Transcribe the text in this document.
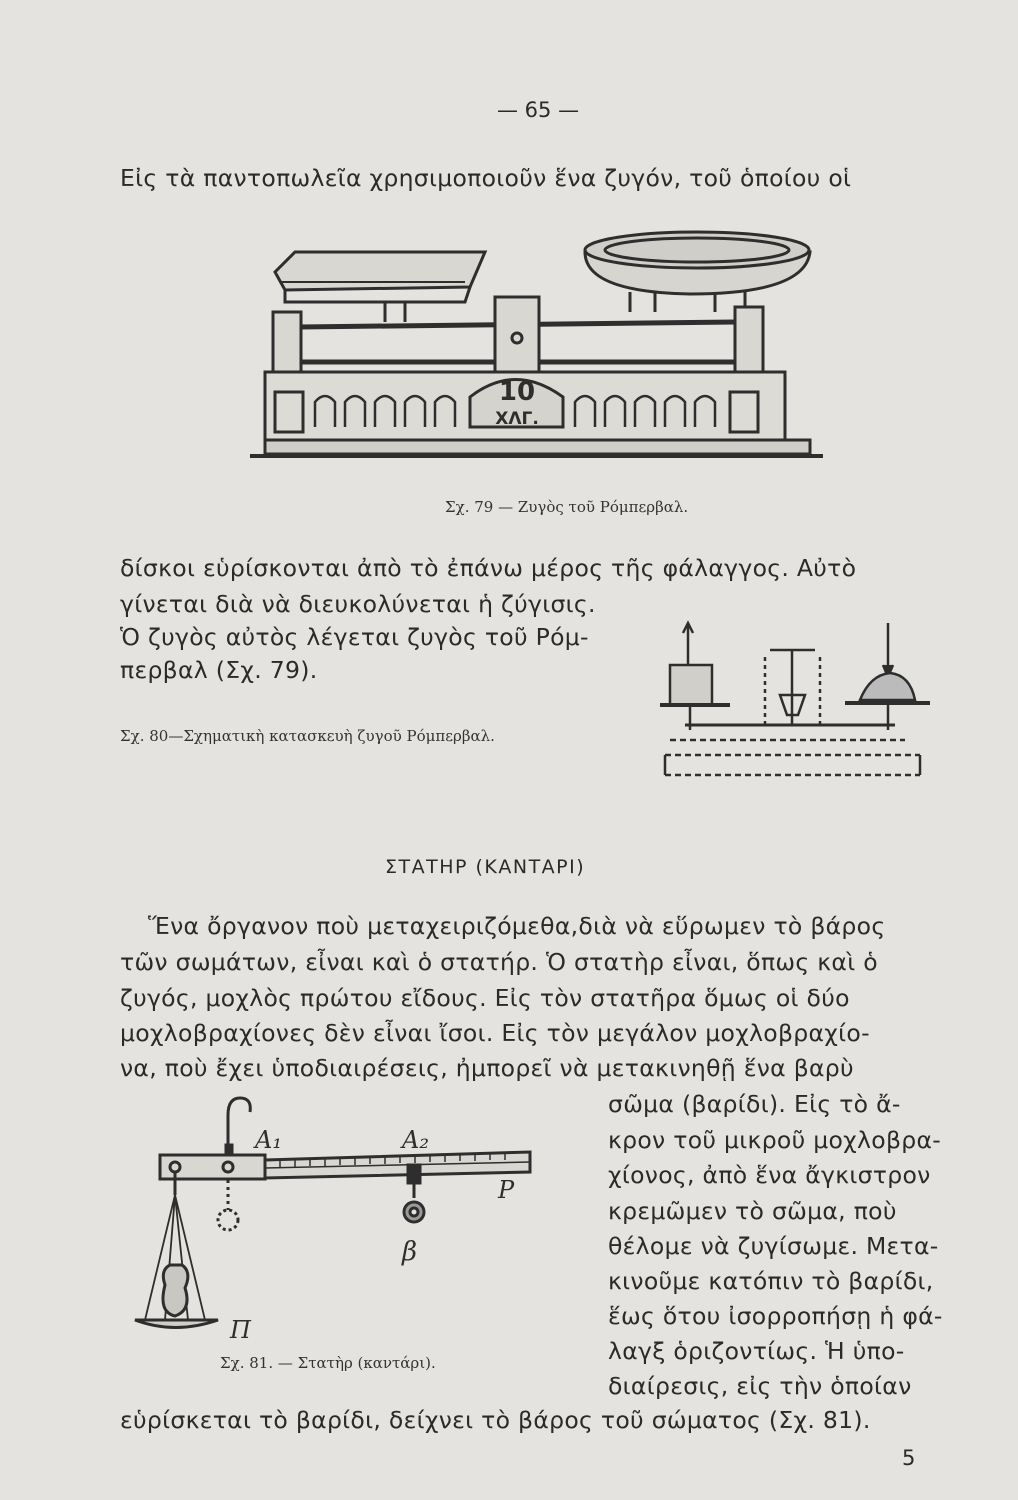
— 65 —
Εἰς τὰ παντοπωλεῖα χρησιμοποιοῦν ἕνα ζυγόν, τοῦ ὁποίου οἱ
10
ΧΛΓ.
Σχ. 79 — Ζυγὸς τοῦ Ρόμπερβαλ.
δίσκοι εὑρίσκονται ἀπὸ τὸ ἐπάνω μέρος τῆς φάλαγγος. Αὐτὸ
γίνεται διὰ νὰ διευκολύνεται ἡ ζύγισις.
Ὁ ζυγὸς αὐτὸς λέγεται ζυγὸς τοῦ Ρόμ-
περβαλ (Σχ. 79).
Σχ. 80—Σχηματικὴ κατασκευὴ ζυγοῦ Ρόμπερβαλ.
ΣΤΑΤΗΡ (ΚΑΝΤΑΡΙ)
Ἕνα ὄργανον ποὺ μεταχειριζόμεθα,διὰ νὰ εὕρωμεν τὸ βάρος
τῶν σωμάτων, εἶναι καὶ ὁ στατήρ. Ὁ στατὴρ εἶναι, ὅπως καὶ ὁ
ζυγός, μοχλὸς πρώτου εἴδους. Εἰς τὸν στατῆρα ὅμως οἱ δύο
μοχλοβραχίονες δὲν εἶναι ἴσοι. Εἰς τὸν μεγάλον μοχλοβραχίο-
να, ποὺ ἔχει ὑποδιαιρέσεις, ἠμπορεῖ νὰ μετακινηθῇ ἕνα βαρὺ
σῶμα (βαρίδι). Εἰς τὸ ἄ-
κρον τοῦ μικροῦ μοχλοβρα-
χίονος, ἀπὸ ἕνα ἄγκιστρον
κρεμῶμεν τὸ σῶμα, ποὺ
θέλομε νὰ ζυγίσωμε. Μετα-
κινοῦμε κατόπιν τὸ βαρίδι,
ἕως ὅτου ἰσορροπήσῃ ἡ φά-
λαγξ ὁριζοντίως. Ἡ ὑπο-
διαίρεσις, εἰς τὴν ὁποίαν
A₁	A₂
P
β
Π
Σχ. 81. — Στατὴρ (καντάρι).
εὑρίσκεται τὸ βαρίδι, δείχνει τὸ βάρος τοῦ σώματος (Σχ. 81).
5
